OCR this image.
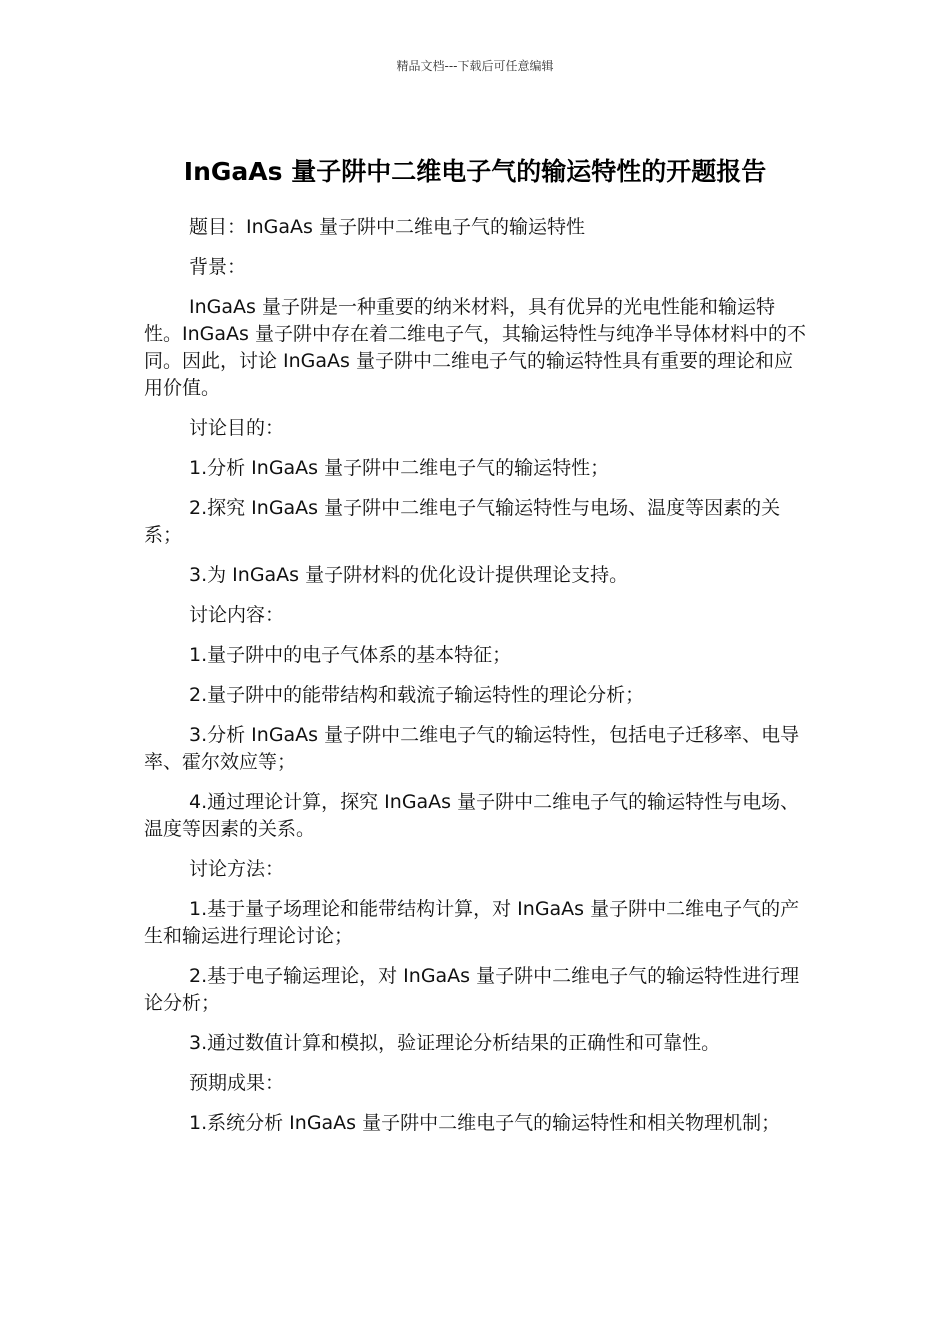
精品文档---下载后可任意编辑
InGaAs 量子阱中二维电子气的输运特性的开题报告

题目：InGaAs 量子阱中二维电子气的输运特性

背景：

InGaAs 量子阱是一种重要的纳米材料，具有优异的光电性能和输运特性。InGaAs 量子阱中存在着二维电子气，其输运特性与纯净半导体材料中的不同。因此，讨论 InGaAs 量子阱中二维电子气的输运特性具有重要的理论和应用价值。

讨论目的：

1.分析 InGaAs 量子阱中二维电子气的输运特性；

2.探究 InGaAs 量子阱中二维电子气输运特性与电场、温度等因素的关系；

3.为 InGaAs 量子阱材料的优化设计提供理论支持。

讨论内容：

1.量子阱中的电子气体系的基本特征；

2.量子阱中的能带结构和载流子输运特性的理论分析；

3.分析 InGaAs 量子阱中二维电子气的输运特性，包括电子迁移率、电导率、霍尔效应等；

4.通过理论计算，探究 InGaAs 量子阱中二维电子气的输运特性与电场、温度等因素的关系。

讨论方法：

1.基于量子场理论和能带结构计算，对 InGaAs 量子阱中二维电子气的产生和输运进行理论讨论；

2.基于电子输运理论，对 InGaAs 量子阱中二维电子气的输运特性进行理论分析；

3.通过数值计算和模拟，验证理论分析结果的正确性和可靠性。

预期成果：

1.系统分析 InGaAs 量子阱中二维电子气的输运特性和相关物理机制；
